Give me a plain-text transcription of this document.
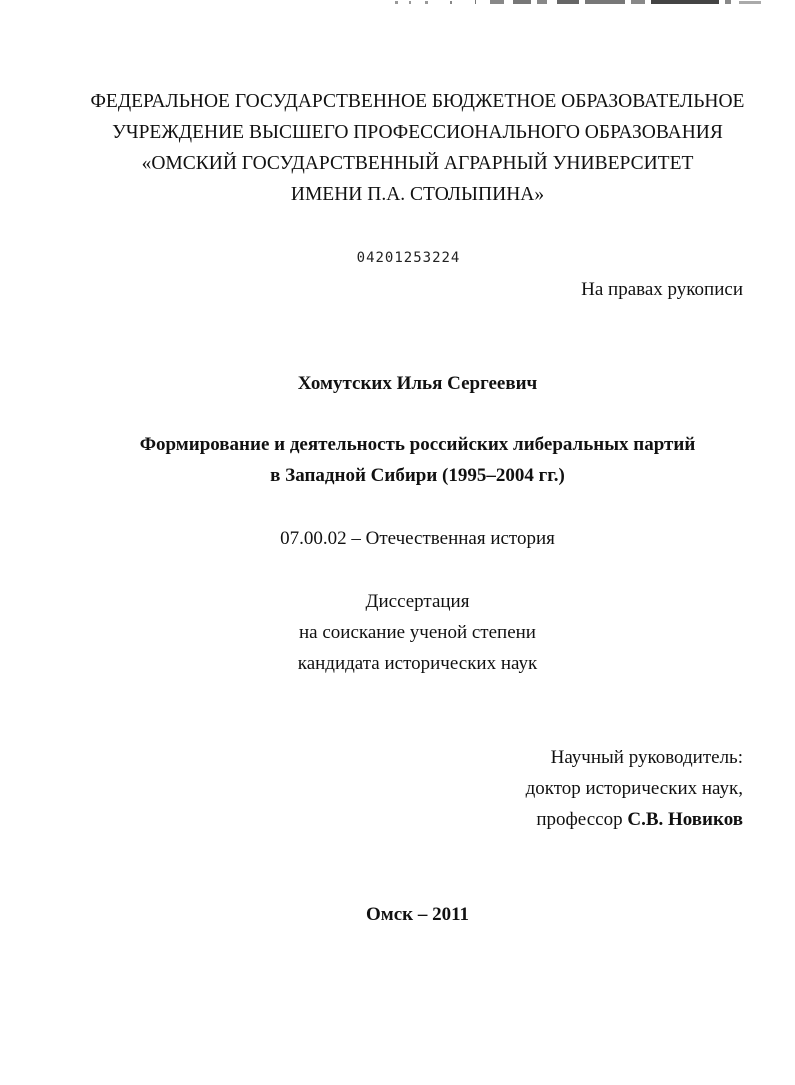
ФЕДЕРАЛЬНОЕ ГОСУДАРСТВЕННОЕ БЮДЖЕТНОЕ ОБРАЗОВАТЕЛЬНОЕ
УЧРЕЖДЕНИЕ ВЫСШЕГО ПРОФЕССИОНАЛЬНОГО ОБРАЗОВАНИЯ
«ОМСКИЙ ГОСУДАРСТВЕННЫЙ АГРАРНЫЙ УНИВЕРСИТЕТ
ИМЕНИ П.А. СТОЛЫПИНА»
04201253224
На правах рукописи
Хомутских Илья Сергеевич
Формирование и деятельность российских либеральных партий
в Западной Сибири (1995–2004 гг.)
07.00.02 – Отечественная история
Диссертация
на соискание ученой степени
кандидата исторических наук
Научный руководитель:
доктор исторических наук,
профессор С.В. Новиков
Омск – 2011
